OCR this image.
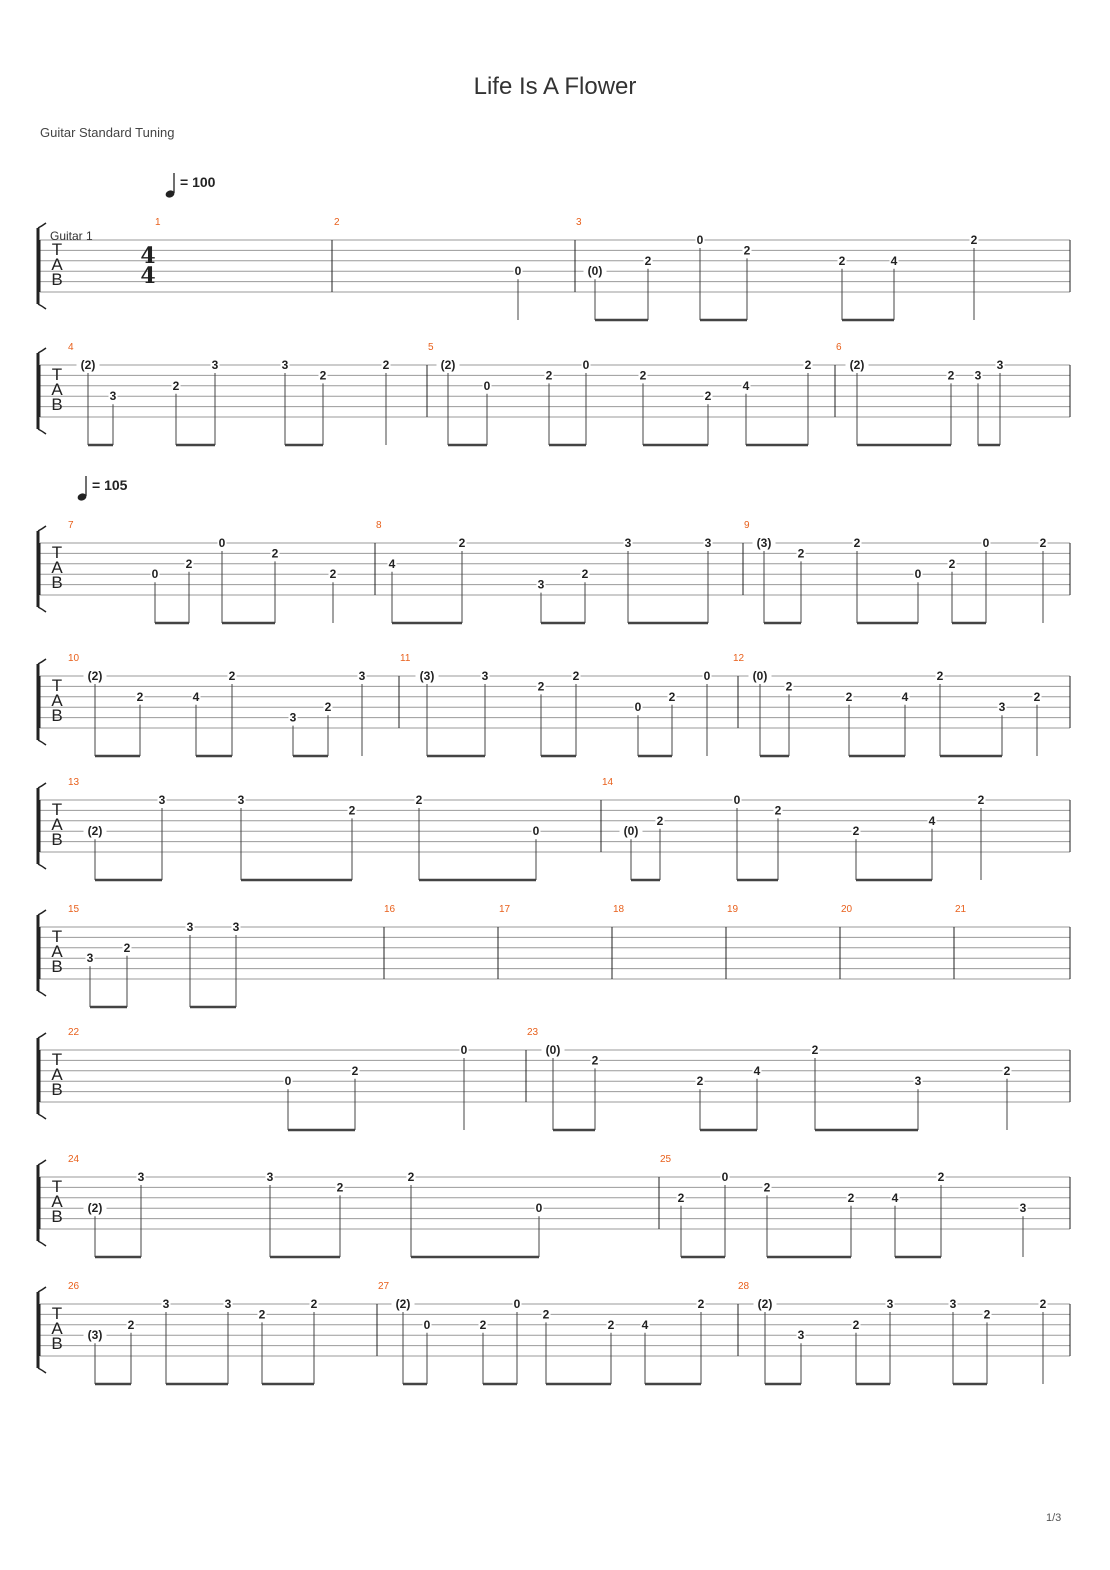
Life Is A Flower
Guitar Standard Tuning
T
A
B
4
4
1	2	3
0	(0)
2
0
2
2	4
2
T
A
B
4	5	6
(2)
3
2
3	3
2
2	(2)
0
2
0
2
2
4
2	(2)
2 3
3
T
A
B
7	8	9
0
2
0
2
2
4
2
3
2
3	3	(3)
2
2
0
2
0	2
T
A
B
10	11	12
(2)
2	4
2
3
2
3	(3)	3
2
2
0
2
0	(0)
2
2	4
2
3
2
T
A
B
13	14
(2)
3	3
2
2
0	(0)
2
0
2
2
4
2
T
A
B
15	16	17	18	19	20	21
3
2
3	3
T
A
B
22	23
0
2
0	(0)
2
2
4
2
3
2
T
A
B
24	25
(2)
3	3
2
2
0
2
0
2
2	4
2
3
T
A
B
26	27	28
(3)
2
3	3
2
2	(2)
0	2
0
2
2 4
2	(2)
3
2
3	3
2
2
= 100
= 105
Guitar 1
1/3
